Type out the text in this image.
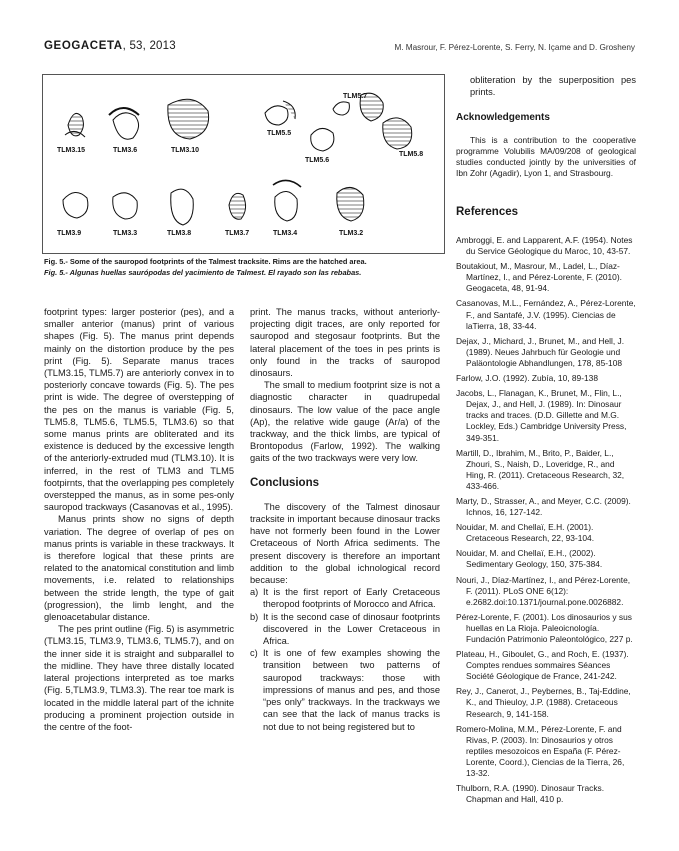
GEOGACETA, 53, 2013	M. Masrour, F. Pérez-Lorente, S. Ferry, N. Içame and D. Grosheny
TLM5.7
TLM5.5
TLM3.15	TLM3.6	TLM3.10
TLM5.6
TLM5.8
TLM3.9	TLM3.3	TLM3.8	TLM3.7	TLM3.4	TLM3.2
Fig. 5.- Some of the sauropod footprints of the Talmest tracksite. Rims are the hatched area.
Fig. 5.- Algunas huellas saurópodas del yacimiento de Talmest. El rayado son las rebabas.

footprint types: larger posterior (pes), and a smaller anterior (manus) print of various shapes (Fig. 5). The manus print depends mainly on the distortion produce by the pes print (Fig. 5). Separate manus traces (TLM3.15, TLM5.7) are anteriorly convex in to posteriorly concave towards (Fig. 5). The pes print is wide. The degree of overstepping of the pes on the manus is variable (Fig. 5, TLM5.8, TLM5.6, TLM5.5, TLM3.6) so that some manus prints are obliterated and its existence is deduced by the excessive length of the anteriorly-extruded mud (TLM3.10). It is inferred, in the rest of TLM3 and TLM5 footpirnts, that the overlapping pes completely overstepped the manus, as in some pes-only sauropod trackways (Casanovas et al., 1995).

Manus prints show no signs of depth variation. The degree of overlap of pes on manus prints is variable in these trackways. It is therefore logical that these prints are related to the anatomical constitution and limb movements, i.e. related to relationships between the stride length, the type of gait (progression), the limb lenght, and the glenoacetabular distance.

The pes print outline (Fig. 5) is asymmetric (TLM3.15, TLM3.9, TLM3.6, TLM5.7), and on the inner side it is straight and subparallel to the midline. They have three distally located lateral projections interpreted as toe marks (Fig. 5,TLM3.9, TLM3.3). The rear toe mark is located in the middle lateral part of the ichnite producing a prominent projection outside in the centre of the foot-

print. The manus tracks, without anteriorly-projecting digit traces, are only reported for sauropod and stegosaur footprints. But the lateral placement of the toes in pes prints is only found in the tracks of sauropod dinosaurs.

The small to medium footprint size is not a diagnostic character in quadrupedal dinosaurs. The low value of the pace angle (Ap), the relative wide gauge (Ar/a) of the trackway, and the thick limbs, are typical of Brontopodus (Farlow, 1992). The walking gaits of the two trackways were very low.

Conclusions

The discovery of the Talmest dinosaur tracksite in important because dinosaur tracks have not formerly been found in the Lower Cretaceous of North Africa sediments. The present discovery is therefore an important addition to the global ichnological record because:

a) It is the first report of Early Cretaceous theropod footprints of Morocco and Africa.
b) It is the second case of dinosaur footprints discovered in the Lower Cretaceous in Africa.
c) It is one of few examples showing the transition between two patterns of sauropod trackways: those with impressions of manus and pes, and those “pes only” trackways. In the trackways we can see that the lack of manus tracks is not due to not being registered but to

obliteration by the superposition pes prints.

Acknowledgements

This is a contribution to the cooperative programme Volubilis MA/09/208 of geological studies conducted jointly by the universities of Ibn Zohr (Agadir), Lyon 1, and Strasbourg.

References

Ambroggi, E. and Lapparent, A.F. (1954). Notes du Service Géologique du Maroc, 10, 43-57.

Boutakiout, M., Masrour, M., Ladel, L., Díaz-Martínez, I., and Pérez-Lorente, F. (2010). Geogaceta, 48, 91-94.

Casanovas, M.L., Fernández, A., Pérez-Lorente, F., and Santafé, J.V. (1995). Ciencias de laTierra, 18, 33-44.

Dejax, J., Michard, J., Brunet, M., and Hell, J. (1989). Neues Jahrbuch für Geologie und Paläontologie Abhandlungen, 178, 85-108

Farlow, J.O. (1992). Zubía, 10, 89-138

Jacobs, L., Flanagan, K., Brunet, M., Flin, L., Dejax, J., and Hell, J. (1989). In: Dinosaur tracks and traces. (D.D. Gillette and M.G. Lockley, Eds.) Cambridge University Press, 349-351.

Martill, D., Ibrahim, M., Brito, P., Baider, L., Zhouri, S., Naish, D., Loveridge, R., and Hing, R. (2011). Cretaceous Research, 32, 433-466.

Marty, D., Strasser, A., and Meyer, C.C. (2009). Ichnos, 16, 127-142.

Nouidar, M. and Chellaï, E.H. (2001). Cretaceous Research, 22, 93-104.

Nouidar, M. and Chellaï, E.H., (2002). Sedimentary Geology, 150, 375-384.

Nouri, J., Díaz-Martínez, I., and Pérez-Lorente, F. (2011). PLoS ONE 6(12): e.2682.doi:10.1371/journal.pone.0026882.

Pérez-Lorente, F. (2001). Los dinosaurios y sus huellas en La Rioja. Paleoicnología. Fundación Patrimonio Paleontológico, 227 p.

Plateau, H., Giboulet, G., and Roch, E. (1937). Comptes rendues sommaires Séances Société Géologique de France, 241-242.

Rey, J., Canerot, J., Peybernes, B., Taj-Eddine, K., and Thieuloy, J.P. (1988). Cretaceous Research, 9, 141-158.

Romero-Molina, M.M., Pérez-Lorente, F. and Rivas, P. (2003). In: Dinosaurios y otros reptiles mesozoicos en España (F. Pérez-Lorente, Coord.), Ciencias de la Tierra, 26, 13-32.

Thulborn, R.A. (1990). Dinosaur Tracks. Chapman and Hall, 410 p.
